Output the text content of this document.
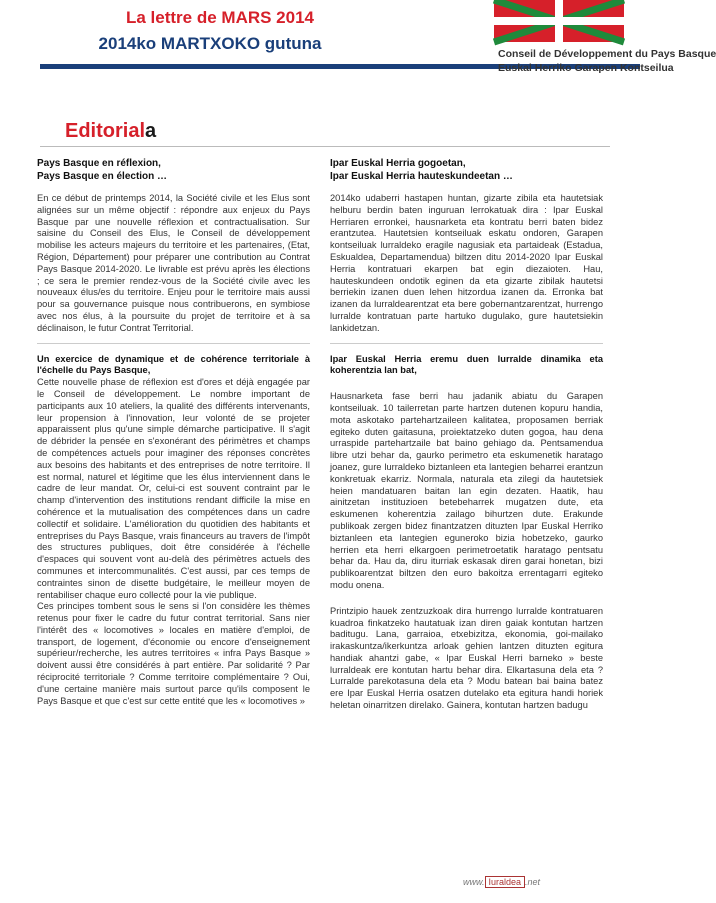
La lettre de MARS 2014
2014ko MARTXOKO gutuna
Conseil de Développement du Pays Basque
Euskal Herriko Garapen Kontseilua
Editoriala
Pays Basque en réflexion,
Pays Basque en élection …

En ce début de printemps 2014, la Société civile et les Elus sont alignées sur un même objectif : répondre aux enjeux du Pays Basque par une nouvelle réflexion et contractualisation. Sur saisine du Conseil des Elus, le Conseil de développement mobilise les acteurs majeurs du territoire et les partenaires, (Etat, Région, Département) pour préparer une contribution au Contrat Pays Basque 2014-2020. Le livrable est prévu après les élections ; ce sera le premier rendez-vous de la Société civile avec les nouveaux élus/es du territoire. Enjeu pour le territoire mais aussi pour sa gouvernance puisque nous contribuerons, en symbiose avec nos élus, à la poursuite du projet de territoire et à sa déclinaison, le futur Contrat Territorial.

Un exercice de dynamique et de cohérence territoriale à l'échelle du Pays Basque,

Cette nouvelle phase de réflexion est d'ores et déjà engagée par le Conseil de développement. Le nombre important de participants aux 10 ateliers, la qualité des différents intervenants, leur propension à l'innovation, leur volonté de se projeter apparaissent plus qu'une simple démarche participative. Il s'agit de débrider la pensée en s'exonérant des périmètres et champs de compétences actuels pour imaginer des réponses concrètes aux besoins des habitants et des entreprises de notre territoire. Il est normal, naturel et légitime que les élus interviennent dans le cadre de leur mandat. Or, celui-ci est souvent contraint par le champ d'intervention des institutions rendant difficile la mise en cohérence et la mutualisation des compétences dans un cadre collectif et solidaire. L'amélioration du quotidien des habitants et entreprises du Pays Basque, vrais financeurs au travers de l'impôt des structures publiques, doit être considérée à l'échelle d'espaces qui souvent vont au-delà des périmètres actuels des communes et intercommunalités. C'est aussi, par ces temps de contraintes sinon de disette budgétaire, le meilleur moyen de rentabiliser chaque euro collecté pour la vie publique.

Ces principes tombent sous le sens si l'on considère les thèmes retenus pour fixer le cadre du futur contrat territorial. Sans nier l'intérêt des « locomotives » locales en matière d'emploi, de transport, de logement, d'économie ou encore d'enseignement supérieur/recherche, les autres territoires « infra Pays Basque » doivent aussi être considérés à part entière. Par solidarité ? Par réciprocité territoriale ? Comme territoire complémentaire ? Oui, d'une certaine manière mais surtout parce qu'ils composent le Pays Basque et que c'est sur cette entité que les « locomotives »

Ipar Euskal Herria gogoetan,
Ipar Euskal Herria hauteskundeetan …

2014ko udaberri hastapen huntan, gizarte zibila eta hautetsiak helburu berdin baten inguruan lerrokatuak dira : Ipar Euskal Herriaren erronkei, hausnarketa eta kontratu berri baten bidez erantzutea. Hautetsien kontseiluak eskatu ondoren, Garapen kontseiluak lurraldeko eragile nagusiak eta partaideak (Estadua, Eskualdea, Departamendua) biltzen ditu 2014-2020 Ipar Euskal Herria kontratuari ekarpen bat egin diezaioten. Hau, hauteskundeen ondotik eginen da eta gizarte zibilak hautetsi berriekin izanen duen lehen hitzordua izanen da. Erronka bat izanen da lurraldearentzat eta bere gobernantzarentzat, hurrengo lurralde kontratuan parte hartuko dugulako, gure hautetsiekin lankidetzan.

Ipar Euskal Herria eremu duen lurralde dinamika eta koherentzia lan bat,

Hausnarketa fase berri hau jadanik abiatu du Garapen kontseiluak. 10 tailerretan parte hartzen dutenen kopuru handia, mota askotako partehartzaileen kalitatea, proposamen berriak egiteko duten gaitasuna, proiektatzeko duten gogoa, hau dena urraspide partehartzaile bat baino gehiago da. Pentsamendua libre utzi behar da, gaurko perimetro eta eskumenetik haratago joanez, gure lurraldeko biztanleen eta lantegien beharrei erantzun konkretuak ekarriz. Normala, naturala eta zilegi da hautetsiek heien mandatuaren baitan lan egin dezaten. Haatik, hau ainitzetan instituzioen betebeharrek mugatzen dute, eta eskumenen koherentzia zailago bihurtzen dute. Erakunde publikoak zergen bidez finantzatzen dituzten Ipar Euskal Herriko biztanleen eta lantegien eguneroko bizia hobetzeko, gaurko herrien eta herri elkargoen perimetroetatik haratago pentsatu behar da. Hau da, diru iturriak eskasak diren garai honetan, bizi publikoarentzat biltzen den euro bakoitza errentagarri egiteko modu onena.

Printzipio hauek zentzuzkoak dira hurrengo lurralde kontratuaren kuadroa finkatzeko hautatuak izan diren gaiak kontutan hartzen baditugu. Lana, garraioa, etxebizitza, ekonomia, goi-mailako irakaskuntza/ikerkuntza arloak gehien lantzen dituzten egitura handiak ahantzi gabe, « Ipar Euskal Herri barneko » beste lurraldeak ere kontutan hartu behar dira. Elkartasuna dela eta ? Lurralde parekotasuna dela eta ? Modu batean bai baina batez ere Ipar Euskal Herria osatzen dutelako eta egitura handi horiek heletan oinarritzen direlako. Gainera, kontutan hartzen badugu

www. Iuraldea .net
